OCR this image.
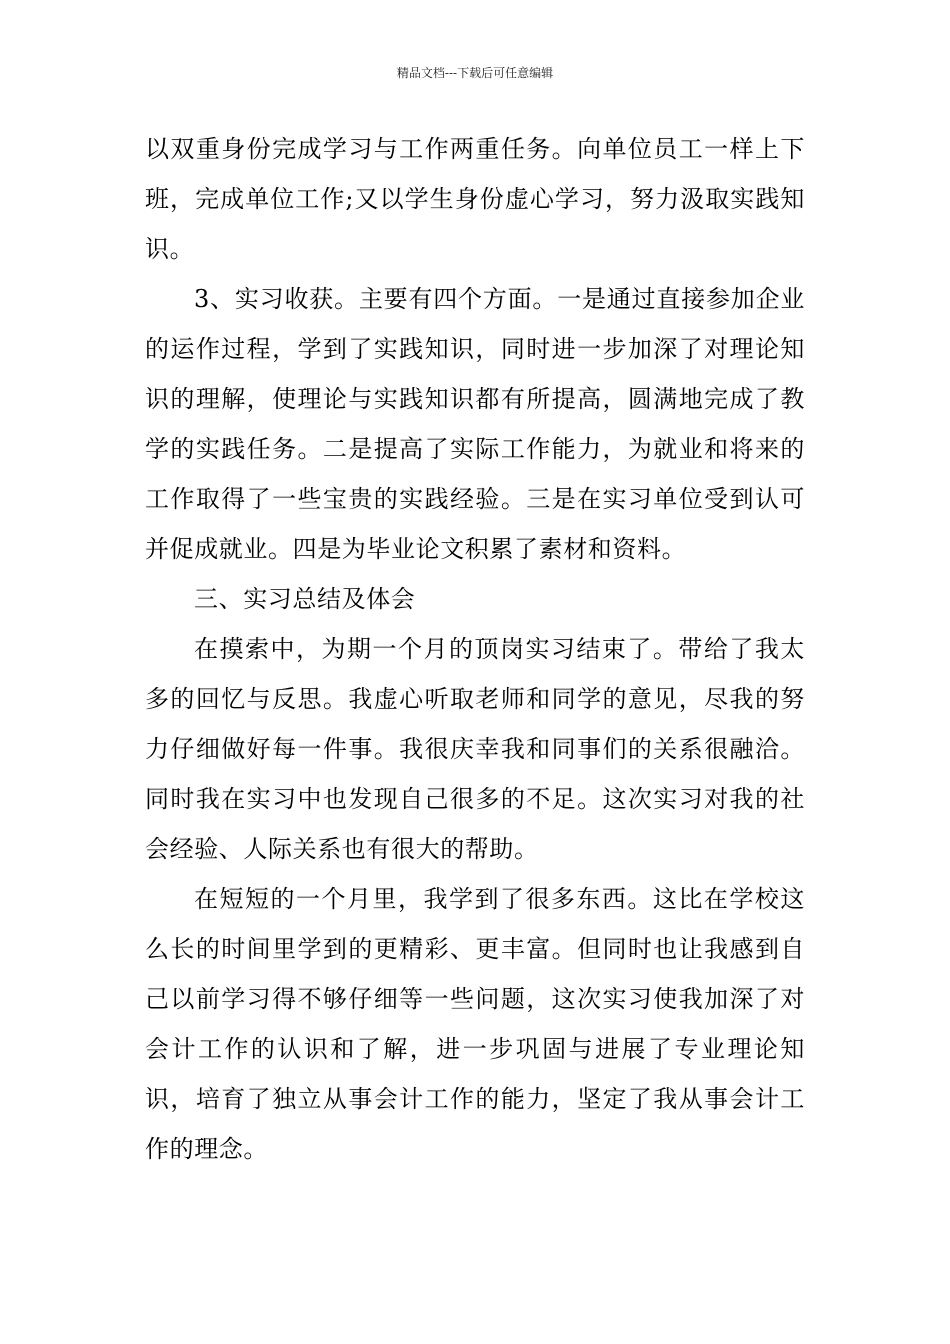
精品文档---下载后可任意编辑

以双重身份完成学习与工作两重任务。向单位员工一样上下班，完成单位工作;又以学生身份虚心学习，努力汲取实践知识。

3、实习收获。主要有四个方面。一是通过直接参加企业的运作过程，学到了实践知识，同时进一步加深了对理论知识的理解，使理论与实践知识都有所提高，圆满地完成了教学的实践任务。二是提高了实际工作能力，为就业和将来的工作取得了一些宝贵的实践经验。三是在实习单位受到认可并促成就业。四是为毕业论文积累了素材和资料。

三、实习总结及体会

在摸索中，为期一个月的顶岗实习结束了。带给了我太多的回忆与反思。我虚心听取老师和同学的意见，尽我的努力仔细做好每一件事。我很庆幸我和同事们的关系很融洽。同时我在实习中也发现自己很多的不足。这次实习对我的社会经验、人际关系也有很大的帮助。

在短短的一个月里，我学到了很多东西。这比在学校这么长的时间里学到的更精彩、更丰富。但同时也让我感到自己以前学习得不够仔细等一些问题，这次实习使我加深了对会计工作的认识和了解，进一步巩固与进展了专业理论知识，培育了独立从事会计工作的能力，坚定了我从事会计工作的理念。
